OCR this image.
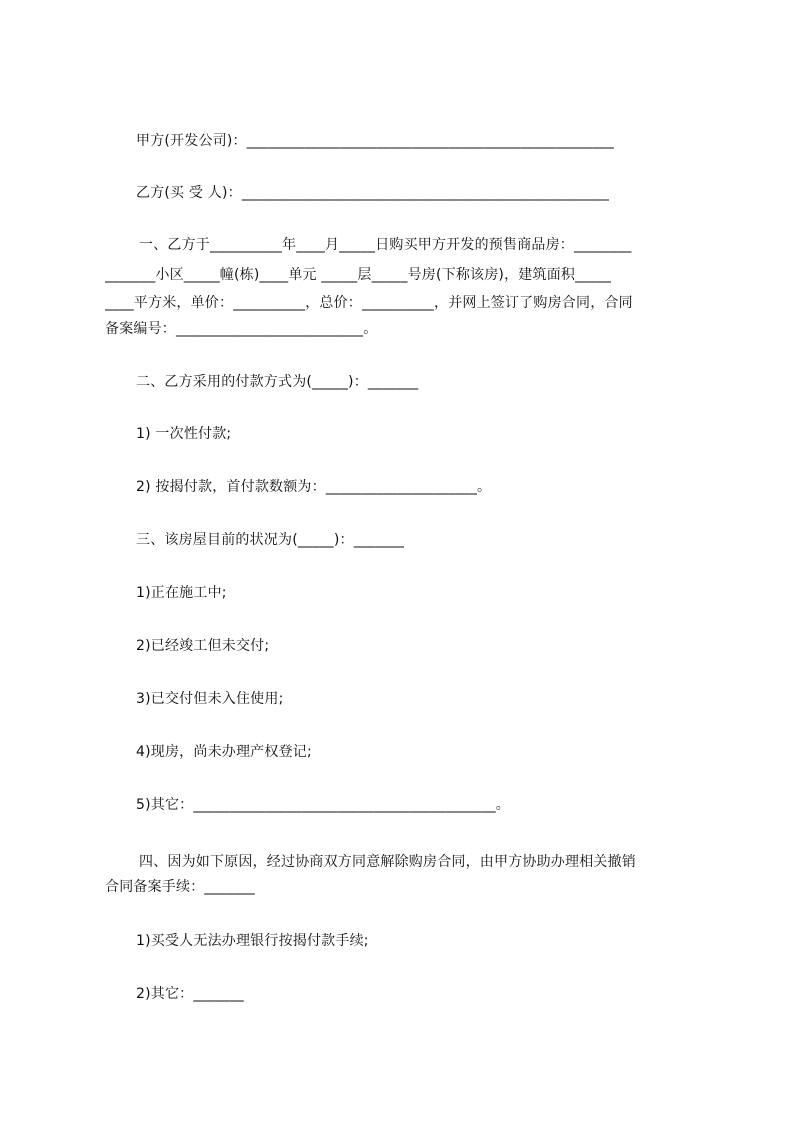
甲方(开发公司)：___________________________________________________
乙方(买 受 人)：___________________________________________________
一、乙方于__________年____月_____日购买甲方开发的预售商品房：________
_______小区_____幢(栋)____单元 _____层_____号房(下称该房)，建筑面积_____
____平方米，单价：__________，总价：__________，并网上签订了购房合同，合同
备案编号：__________________________。
二、乙方采用的付款方式为(_____)：_______
1) 一次性付款;
2) 按揭付款，首付款数额为：_____________________。
三、该房屋目前的状况为(_____)：_______
1)正在施工中;
2)已经竣工但未交付;
3)已交付但未入住使用;
4)现房，尚未办理产权登记;
5)其它：__________________________________________。
四、因为如下原因，经过协商双方同意解除购房合同，由甲方协助办理相关撤销
合同备案手续：_______
1)买受人无法办理银行按揭付款手续;
2)其它：_______
